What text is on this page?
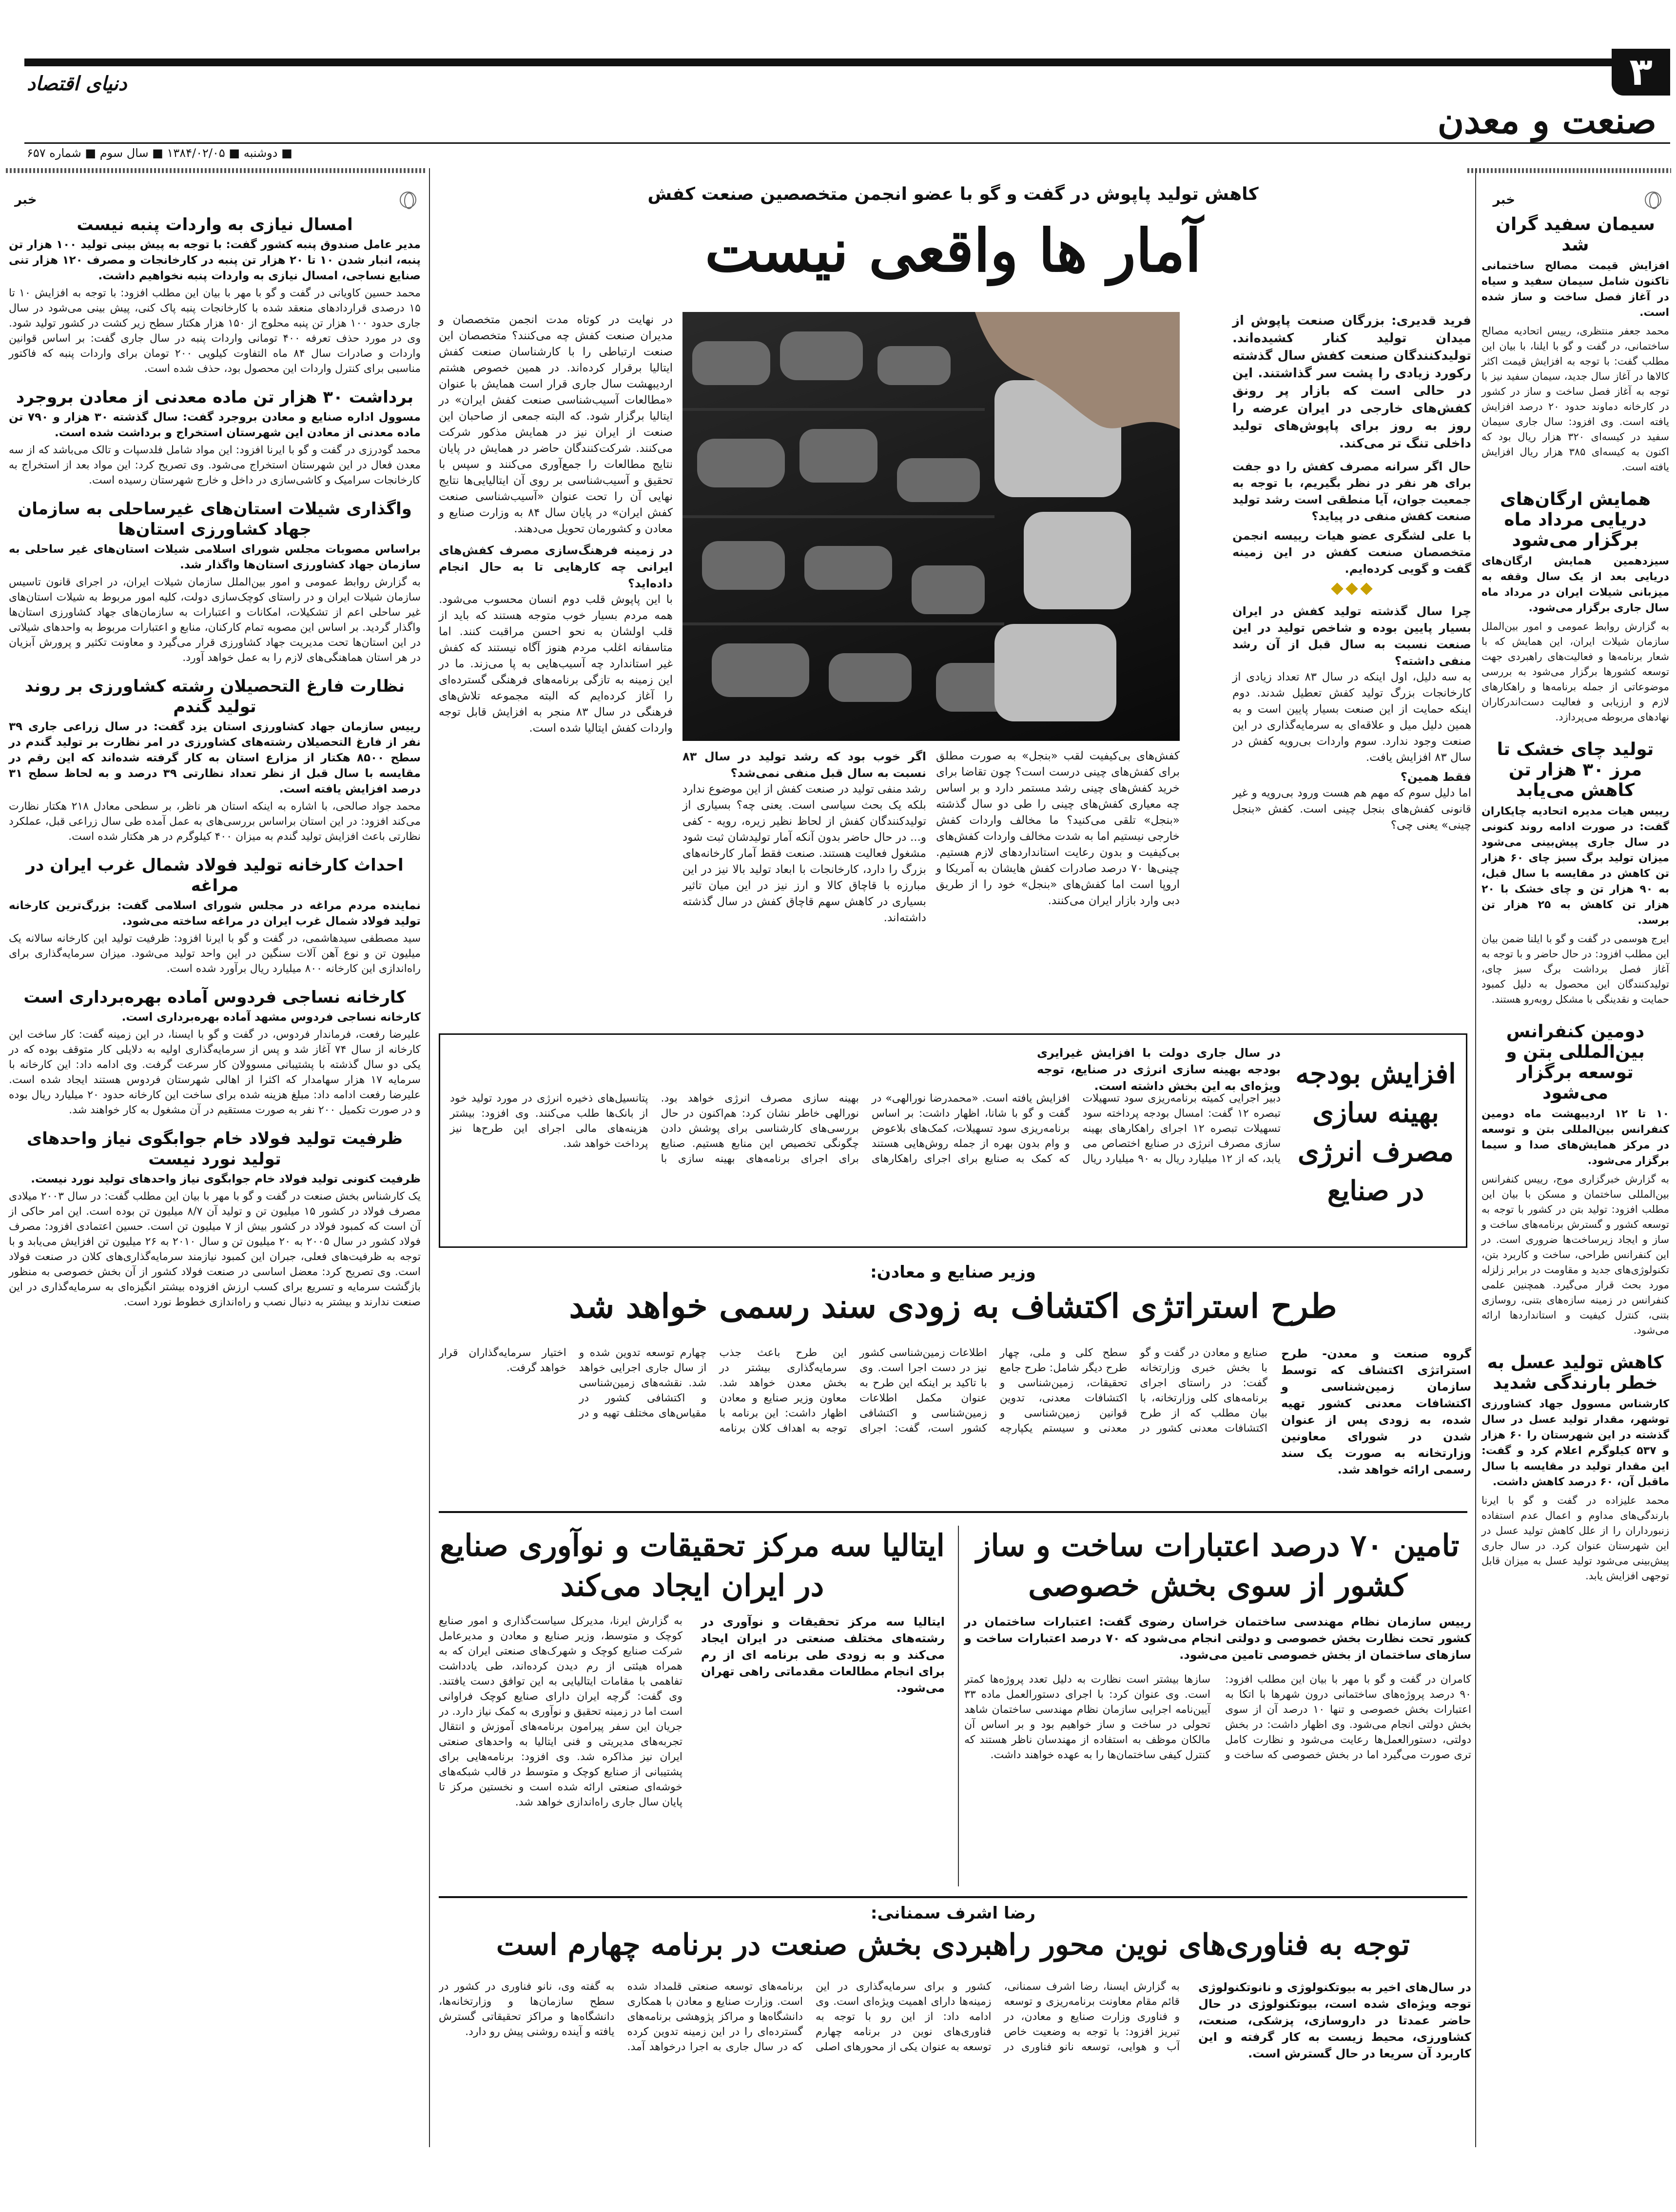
۳
صنعت و معدن
دنیای اقتصاد
■ دوشنبه ■ ۱۳۸۴/۰۲/۰۵ ■ سال سوم ■ شماره ۶۵۷
خبر
خبر
سیمان سفید گران شد
افزایش قیمت مصالح ساختمانی تاکنون شامل سیمان سفید و سیاه در آغاز فصل ساخت و ساز شده است.
محمد جعفر منتظری، رییس اتحادیه مصالح ساختمانی، در گفت و گو با ایلنا، با بیان این مطلب گفت: با توجه به افزایش قیمت اکثر کالاها در آغاز سال جدید، سیمان سفید نیز با توجه به آغاز فصل ساخت و ساز در کشور در کارخانه دماوند حدود ۲۰ درصد افزایش یافته است. وی افزود: سال جاری سیمان سفید در کیسه‌ای ۳۲۰ هزار ریال بود که اکنون به کیسه‌ای ۳۸۵ هزار ریال افزایش یافته است.
همایش ارگان‌های دریایی مرداد ماه برگزار می‌شود
سیزدهمین همایش ارگان‌های دریایی بعد از یک سال وقفه به میزبانی شیلات ایران در مرداد ماه سال جاری برگزار می‌شود.
به گزارش روابط عمومی و امور بین‌الملل سازمان شیلات ایران، این همایش که با شعار برنامه‌ها و فعالیت‌های راهبردی جهت توسعه کشورها برگزار می‌شود به بررسی موضوعاتی از جمله برنامه‌ها و راهکارهای لازم و ارزیابی و فعالیت دست‌اندرکاران نهادهای مربوطه می‌پردازد.
تولید چای خشک تا مرز ۳۰ هزار تن کاهش می‌یابد
رییس هیات مدیره اتحادیه چایکاران گفت: در صورت ادامه روند کنونی در سال جاری پیش‌بینی می‌شود میزان تولید برگ سبز چای ۶۰ هزار تن کاهش در مقایسه با سال قبل، به ۹۰ هزار تن و چای خشک با ۲۰ هزار تن کاهش به ۲۵ هزار تن برسد.
ایرج هوسمی در گفت و گو با ایلنا ضمن بیان این مطلب افزود: در حال حاضر و با توجه به آغاز فصل برداشت برگ سبز چای، تولیدکنندگان این محصول به دلیل کمبود حمایت و نقدینگی با مشکل روبه‌رو هستند.
دومین کنفرانس بین‌المللی بتن و توسعه برگزار می‌شود
۱۰ تا ۱۲ اردیبهشت ماه دومین کنفرانس بین‌المللی بتن و توسعه در مرکز همایش‌های صدا و سیما برگزار می‌شود.
به گزارش خبرگزاری موج، رییس کنفرانس بین‌المللی ساختمان و مسکن با بیان این مطلب افزود: تولید بتن در کشور با توجه به توسعه کشور و گسترش برنامه‌های ساخت و ساز و ایجاد زیرساخت‌ها ضروری است. در این کنفرانس طراحی، ساخت و کاربرد بتن، تکنولوژی‌های جدید و مقاومت در برابر زلزله مورد بحث قرار می‌گیرد. همچنین علمی کنفرانس در زمینه سازه‌های بتنی، روسازی بتنی، کنترل کیفیت و استانداردها ارائه می‌شود.
کاهش تولید عسل به خطر بارندگی شدید
کارشناس مسوول جهاد کشاورزی توشهر، مقدار تولید عسل در سال گذشته در این شهرستان را ۶۰ هزار و ۵۳۷ کیلوگرم اعلام کرد و گفت: این مقدار تولید در مقایسه با سال ماقبل آن، ۶۰ درصد کاهش داشت.
محمد علیزاده در گفت و گو با ایرنا بارندگی‌های مداوم و اعمال عدم استفاده زنبورداران را از علل کاهش تولید عسل در این شهرستان عنوان کرد. در سال جاری پیش‌بینی می‌شود تولید عسل به میزان قابل توجهی افزایش یابد.
امسال نیازی به واردات پنبه نیست
مدیر عامل صندوق پنبه کشور گفت: با توجه به پیش بینی تولید ۱۰۰ هزار تن پنبه، انبار شدن ۱۰ تا ۲۰ هزار تن پنبه در کارخانجات و مصرف ۱۲۰ هزار تنی صنایع نساجی، امسال نیازی به واردات پنبه نخواهیم داشت.
محمد حسین کاویانی در گفت و گو با مهر با بیان این مطلب افزود: با توجه به افزایش ۱۰ تا ۱۵ درصدی قراردادهای منعقد شده با کارخانجات پنبه پاک کنی، پیش بینی می‌شود در سال جاری حدود ۱۰۰ هزار تن پنبه محلوج از ۱۵۰ هزار هکتار سطح زیر کشت در کشور تولید شود. وی در مورد حذف تعرفه ۴۰۰ تومانی واردات پنبه در سال جاری گفت: بر اساس قوانین واردات و صادرات سال ۸۴ ماه التفاوت کیلویی ۲۰۰ تومان برای واردات پنبه که فاکتور مناسبی برای کنترل واردات این محصول بود، حذف شده است.
برداشت ۳۰ هزار تن ماده معدنی از معادن بروجرد
مسوول اداره صنایع و معادن بروجرد گفت: سال گذشته ۳۰ هزار و ۷۹۰ تن ماده معدنی از معادن این شهرستان استخراج و برداشت شده است.
محمد گودرزی در گفت و گو با ایرنا افزود: این مواد شامل فلدسپات و تالک می‌باشد که از سه معدن فعال در این شهرستان استخراج می‌شود. وی تصریح کرد: این مواد بعد از استخراج به کارخانجات سرامیک و کاشی‌سازی در داخل و خارج شهرستان رسیده است.
واگذاری شیلات استان‌های غیرساحلی به سازمان جهاد کشاورزی استان‌ها
براساس مصوبات مجلس شورای اسلامی شیلات استان‌های غیر ساحلی به سازمان جهاد کشاورزی استان‌ها واگذار شد.
به گزارش روابط عمومی و امور بین‌الملل سازمان شیلات ایران، در اجرای قانون تاسیس سازمان شیلات ایران و در راستای کوچک‌سازی دولت، کلیه امور مربوط به شیلات استان‌های غیر ساحلی اعم از تشکیلات، امکانات و اعتبارات به سازمان‌های جهاد کشاورزی استان‌ها واگذار گردید. بر اساس این مصوبه تمام کارکنان، منابع و اعتبارات مربوط به واحدهای شیلاتی در این استان‌ها تحت مدیریت جهاد کشاورزی قرار می‌گیرد و معاونت تکثیر و پرورش آبزیان در هر استان هماهنگی‌های لازم را به عمل خواهد آورد.
نظارت فارغ التحصیلان رشته کشاورزی بر روند تولید گندم
رییس سازمان جهاد کشاورزی استان یزد گفت: در سال زراعی جاری ۳۹ نفر از فارغ التحصیلان رشته‌های کشاورزی در امر نظارت بر تولید گندم در سطح ۸۵۰۰ هکتار از مزارع استان به کار گرفته شده‌اند که این رقم در مقایسه با سال قبل از نظر تعداد نظارتی ۳۹ درصد و به لحاظ سطح ۳۱ درصد افزایش یافته است.
محمد جواد صالحی، با اشاره به اینکه استان هر ناظر، بر سطحی معادل ۲۱۸ هکتار نظارت می‌کند افزود: در این استان براساس بررسی‌های به عمل آمده طی سال زراعی قبل، عملکرد نظارتی باعث افزایش تولید گندم به میزان ۴۰۰ کیلوگرم در هر هکتار شده است.
احداث کارخانه تولید فولاد شمال غرب ایران در مراغه
نماینده مردم مراغه در مجلس شورای اسلامی گفت: بزرگ‌ترین کارخانه تولید فولاد شمال غرب ایران در مراغه ساخته می‌شود.
سید مصطفی سیدهاشمی، در گفت و گو با ایرنا افزود: ظرفیت تولید این کارخانه سالانه یک میلیون تن و نوع آهن آلات سنگین در این واحد تولید می‌شود. میزان سرمایه‌گذاری برای راه‌اندازی این کارخانه ۸۰۰ میلیارد ریال برآورد شده است.
کارخانه نساجی فردوس آماده بهره‌برداری است
کارخانه نساجی فردوس مشهد آماده بهره‌برداری است.
علیرضا رفعت، فرماندار فردوس، در گفت و گو با ایسنا، در این زمینه گفت: کار ساخت این کارخانه از سال ۷۴ آغاز شد و پس از سرمایه‌گذاری اولیه به دلایلی کار متوقف بوده که در یکی دو سال گذشته با پشتیبانی مسوولان کار سرعت گرفت. وی ادامه داد: این کارخانه با سرمایه ۱۷ هزار سهامدار که اکثرا از اهالی شهرستان فردوس هستند ایجاد شده است. علیرضا رفعت ادامه داد: مبلغ هزینه شده برای ساخت این کارخانه حدود ۲۰ میلیارد ریال بوده و در صورت تکمیل ۲۰۰ نفر به صورت مستقیم در آن مشغول به کار خواهند شد.
ظرفیت تولید فولاد خام جوابگوی نیاز واحدهای تولید نورد نیست
ظرفیت کنونی تولید فولاد خام جوابگوی نیاز واحدهای تولید نورد نیست.
یک کارشناس بخش صنعت در گفت و گو با مهر با بیان این مطلب گفت: در سال ۲۰۰۳ میلادی مصرف فولاد در کشور ۱۵ میلیون تن و تولید آن ۸/۷ میلیون تن بوده است. این امر حاکی از آن است که کمبود فولاد در کشور بیش از ۷ میلیون تن است. حسین اعتمادی افزود: مصرف فولاد کشور در سال ۲۰۰۵ به ۲۰ میلیون تن و سال ۲۰۱۰ به ۲۶ میلیون تن افزایش می‌یابد و با توجه به ظرفیت‌های فعلی، جبران این کمبود نیازمند سرمایه‌گذاری‌های کلان در صنعت فولاد است. وی تصریح کرد: معضل اساسی در صنعت فولاد کشور از آن بخش خصوصی به منظور بازگشت سرمایه و تسریع برای کسب ارزش افزوده بیشتر انگیزه‌ای به سرمایه‌گذاری در این صنعت ندارند و بیشتر به دنبال نصب و راه‌اندازی خطوط نورد است.
کاهش تولید پاپوش در گفت و گو با عضو انجمن متخصصین صنعت کفش
آمار ها واقعی نیست
فرید قدیری: بزرگان صنعت پاپوش از میدان تولید کنار کشیده‌اند. تولیدکنندگان صنعت کفش سال گذشته رکورد زیادی را پشت سر گذاشتند. این در حالی است که بازار پر رونق کفش‌های خارجی در ایران عرضه را روز به روز برای پاپوش‌های تولید داخلی تنگ تر می‌کند.
حال اگر سرانه مصرف کفش را دو جفت برای هر نفر در نظر بگیریم، با توجه به جمعیت جوان، آیا منطقی است رشد تولید صنعت کفش منفی در پیاید؟
با علی لشگری عضو هیات رییسه انجمن متخصصان صنعت کفش در این زمینه گفت و گویی کرده‌ایم.
چرا سال گذشته تولید کفش در ایران بسیار پایین بوده و شاخص تولید در این صنعت نسبت به سال قبل از آن رشد منفی داشته؟
به سه دلیل، اول اینکه در سال ۸۳ تعداد زیادی از کارخانجات بزرگ تولید کفش تعطیل شدند. دوم اینکه حمایت از این صنعت بسیار پایین است و به همین دلیل میل و علاقه‌ای به سرمایه‌گذاری در این صنعت وجود ندارد. سوم واردات بی‌رویه کفش در سال ۸۳ افزایش یافت.
فقط همین؟
اما دلیل سوم که مهم هم هست ورود بی‌رویه و غیر قانونی کفش‌های بنجل چینی است. کفش «بنجل چینی» یعنی چی؟
در نهایت در کوتاه مدت انجمن متخصصان و مدیران صنعت کفش چه می‌کنند؟ متخصصان این صنعت ارتباطی را با کارشناسان صنعت کفش ایتالیا برقرار کرده‌اند. در همین خصوص هشتم اردیبهشت سال جاری قرار است همایش با عنوان «مطالعات آسیب‌شناسی صنعت کفش ایران» در ایتالیا برگزار شود. که البته جمعی از صاحبان این صنعت از ایران نیز در همایش مذکور شرکت می‌کنند. شرکت‌کنندگان حاضر در همایش در پایان نتایج مطالعات را جمع‌آوری می‌کنند و سپس با تحقیق و آسیب‌شناسی بر روی آن ایتالیایی‌ها نتایج نهایی آن را تحت عنوان «آسیب‌شناسی صنعت کفش ایران» در پایان سال ۸۴ به وزارت صنایع و معادن و کشورمان تحویل می‌دهند.
در زمینه فرهنگ‌سازی مصرف کفش‌های ایرانی چه کارهایی تا به حال انجام داده‌اید؟
با این پاپوش قلب دوم انسان محسوب می‌شود. همه مردم بسیار خوب متوجه هستند که باید از قلب اولشان به نحو احسن مراقبت کنند. اما متاسفانه اغلب مردم هنوز آگاه نیستند که کفش غیر استاندارد چه آسیب‌هایی به پا می‌زند. ما در این زمینه به تازگی برنامه‌های فرهنگی گسترده‌ای را آغاز کرده‌ایم که البته مجموعه تلاش‌های فرهنگی در سال ۸۳ منجر به افزایش قابل توجه واردات کفش ایتالیا شده است.
اگر خوب بود که رشد تولید در سال ۸۳ نسبت به سال قبل منفی نمی‌شد؟
رشد منفی تولید در صنعت کفش از این موضوع ندارد بلکه یک بحث سیاسی است. یعنی چه؟ بسیاری از تولیدکنندگان کفش از لحاظ نظیر زیره، رویه - کفی و... در حال حاضر بدون آنکه آمار تولیدشان ثبت شود مشغول فعالیت هستند. صنعت فقط آمار کارخانه‌های بزرگ را دارد، کارخانجات با ابعاد تولید بالا نیز در این مبارزه با قاچاق کالا و ارز نیز در این میان تاثیر بسیاری در کاهش سهم قاچاق کفش در سال گذشته داشته‌اند.
کفش‌های بی‌کیفیت لقب «بنجل» به صورت مطلق برای کفش‌های چینی درست است؟ چون تقاضا برای خرید کفش‌های چینی رشد مستمر دارد و بر اساس چه معیاری کفش‌های چینی را طی دو سال گذشته «بنجل» تلقی می‌کنید؟ ما مخالف واردات کفش خارجی نیستیم اما به شدت مخالف واردات کفش‌های بی‌کیفیت و بدون رعایت استانداردهای لازم هستیم. چینی‌ها ۷۰ درصد صادرات کفش هایشان به آمریکا و اروپا است اما کفش‌های «بنجل» خود را از طریق دبی وارد بازار ایران می‌کنند.
افزایش بودجه بهینه سازی مصرف انرژی در صنایع
در سال جاری دولت با افزایش غیرایری بودجه بهینه سازی انرژی در صنایع، توجه ویژه‌ای به این بخش داشته است.
دبیر اجرایی کمیته برنامه‌ریزی سود تسهیلات تبصره ۱۲ گفت: امسال بودجه پرداخته سود تسهیلات تبصره ۱۲ اجرای راهکارهای بهینه سازی مصرف انرژی در صنایع اختصاص می یابد، که از ۱۲ میلیارد ریال به ۹۰ میلیارد ریال افزایش یافته است. «محمدرضا نورالهی» در گفت و گو با شانا، اظهار داشت: بر اساس برنامه‌ریزی سود تسهیلات، کمک‌های بلاعوض و وام بدون بهره از جمله روش‌هایی هستند که کمک به صنایع برای اجرای راهکارهای بهینه سازی مصرف انرژی خواهد بود. نورالهی خاطر نشان کرد: هم‌اکنون در حال بررسی‌های کارشناسی برای پوشش دادن چگونگی تخصیص این منابع هستیم. صنایع برای اجرای برنامه‌های بهینه سازی با پتانسیل‌های ذخیره انرژی در مورد تولید خود از بانک‌ها طلب می‌کنند. وی افزود: بیشتر هزینه‌های مالی اجرای این طرح‌ها نیز پرداخت خواهد شد.
وزیر صنایع و معادن:
طرح استراتژی اکتشاف به زودی سند رسمی خواهد شد
گروه صنعت و معدن- طرح استراتژی اکتشاف که توسط سازمان زمین‌شناسی و اکتشافات معدنی کشور تهیه شده، به زودی پس از عنوان شدن در شورای معاونین وزارتخانه به صورت یک سند رسمی ارائه خواهد شد.
صنایع و معادن در گفت و گو با بخش خبری وزارتخانه گفت: در راستای اجرای برنامه‌های کلی وزارتخانه، با بیان مطلب که از طرح اکتشافات معدنی کشور در سطح کلی و ملی، چهار طرح دیگر شامل: طرح جامع تحقیقات، زمین‌شناسی و اکتشافات معدنی، تدوین قوانین زمین‌شناسی و معدنی و سیستم یکپارچه اطلاعات زمین‌شناسی کشور نیز در دست اجرا است. وی با تاکید بر اینکه این طرح به عنوان مکمل اطلاعات زمین‌شناسی و اکتشافی کشور است، گفت: اجرای این طرح باعث جذب سرمایه‌گذاری بیشتر در بخش معدن خواهد شد. معاون وزیر صنایع و معادن اظهار داشت: این برنامه با توجه به اهداف کلان برنامه چهارم توسعه تدوین شده و از سال جاری اجرایی خواهد شد. نقشه‌های زمین‌شناسی و اکتشافی کشور در مقیاس‌های مختلف تهیه و در اختیار سرمایه‌گذاران قرار خواهد گرفت.
تامین ۷۰ درصد اعتبارات ساخت و ساز کشور از سوی بخش خصوصی
رییس سازمان نظام مهندسی ساختمان خراسان رضوی گفت: اعتبارات ساختمان در کشور تحت نظارت بخش خصوصی و دولتی انجام می‌شود که ۷۰ درصد اعتبارات ساخت و سازهای ساختمان از بخش خصوصی تامین می‌شود.
کامران در گفت و گو با مهر با بیان این مطلب افزود: ۹۰ درصد پروژه‌های ساختمانی درون شهرها با اتکا به اعتبارات بخش خصوصی و تنها ۱۰ درصد آن از سوی بخش دولتی انجام می‌شود. وی اظهار داشت: در بخش دولتی، دستورالعمل‌ها رعایت می‌شود و نظارت کامل تری صورت می‌گیرد اما در بخش خصوصی که ساخت و سازها بیشتر است نظارت به دلیل تعدد پروژه‌ها کمتر است. وی عنوان کرد: با اجرای دستورالعمل ماده ۳۳ آیین‌نامه اجرایی سازمان نظام مهندسی ساختمان شاهد تحولی در ساخت و ساز خواهیم بود و بر اساس آن مالکان موظف به استفاده از مهندسان ناظر هستند که کنترل کیفی ساختمان‌ها را به عهده خواهند داشت.
ایتالیا سه مرکز تحقیقات و نوآوری صنایع در ایران ایجاد می‌کند
ایتالیا سه مرکز تحقیقات و نوآوری در رشته‌های مختلف صنعتی در ایران ایجاد می‌کند و به زودی طی برنامه ای از رم برای انجام مطالعات مقدماتی راهی تهران می‌شود.
به گزارش ایرنا، مدیرکل سیاست‌گذاری و امور صنایع کوچک و متوسط، وزیر صنایع و معادن و مدیرعامل شرکت صنایع کوچک و شهرک‌های صنعتی ایران که به همراه هیئتی از رم دیدن کرده‌اند، طی یادداشت تفاهمی با مقامات ایتالیایی به این توافق دست یافتند. وی گفت: گرچه ایران دارای صنایع کوچک فراوانی است اما در زمینه تحقیق و نوآوری به کمک نیاز دارد. در جریان این سفر پیرامون برنامه‌های آموزش و انتقال تجربه‌های مدیریتی و فنی ایتالیا به واحدهای صنعتی ایران نیز مذاکره شد. وی افزود: برنامه‌هایی برای پشتیبانی از صنایع کوچک و متوسط در قالب شبکه‌های خوشه‌ای صنعتی ارائه شده است و نخستین مرکز تا پایان سال جاری راه‌اندازی خواهد شد.
رضا اشرف سمنانی:
توجه به فناوری‌های نوین محور راهبردی بخش صنعت در برنامه چهارم است
در سال‌های اخیر به بیوتکنولوژی و نانوتکنولوژی توجه ویژه‌ای شده است، بیوتکنولوژی در حال حاضر عمدتا در داروسازی، پزشکی، صنعت، کشاورزی، محیط زیست به کار گرفته و این کاربرد آن سریعا در حال گسترش است.
به گزارش ایسنا، رضا اشرف سمنانی، قائم مقام معاونت برنامه‌ریزی و توسعه و فناوری وزارت صنایع و معادن، در تبریز افزود: با توجه به وضعیت خاص آب و هوایی، توسعه نانو فناوری در کشور و برای سرمایه‌گذاری در این زمینه‌ها دارای اهمیت ویژه‌ای است. وی ادامه داد: از این رو با توجه به فناوری‌های نوین در برنامه چهارم توسعه به عنوان یکی از محورهای اصلی برنامه‌های توسعه صنعتی قلمداد شده است. وزارت صنایع و معادن با همکاری دانشگاه‌ها و مراکز پژوهشی برنامه‌های گسترده‌ای را در این زمینه تدوین کرده که در سال جاری به اجرا درخواهد آمد. به گفته وی، نانو فناوری در کشور در سطح سازمان‌ها و وزارتخانه‌ها، دانشگاه‌ها و مراکز تحقیقاتی گسترش یافته و آینده روشنی پیش رو دارد.
